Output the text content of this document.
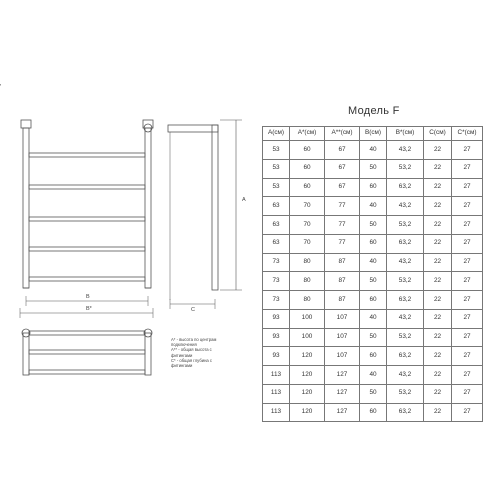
'
B
B*	C
A
Модель F
A* - высота по центрам
подключения
A** - общая высота с
фитингами
C* - общая глубина с
фитингами
A(см)	A*(см)	A**(см)	B(см)	B*(см)	C(см)	C*(см)
53	60	67	40	43,2	22	27
53	60	67	50	53,2	22	27
53	60	67	60	63,2	22	27
63	70	77	40	43,2	22	27
63	70	77	50	53,2	22	27
63	70	77	60	63,2	22	27
73	80	87	40	43,2	22	27
73	80	87	50	53,2	22	27
73	80	87	60	63,2	22	27
93	100	107	40	43,2	22	27
93	100	107	50	53,2	22	27
93	120	107	60	63,2	22	27
113	120	127	40	43,2	22	27
113	120	127	50	53,2	22	27
113	120	127	60	63,2	22	27
